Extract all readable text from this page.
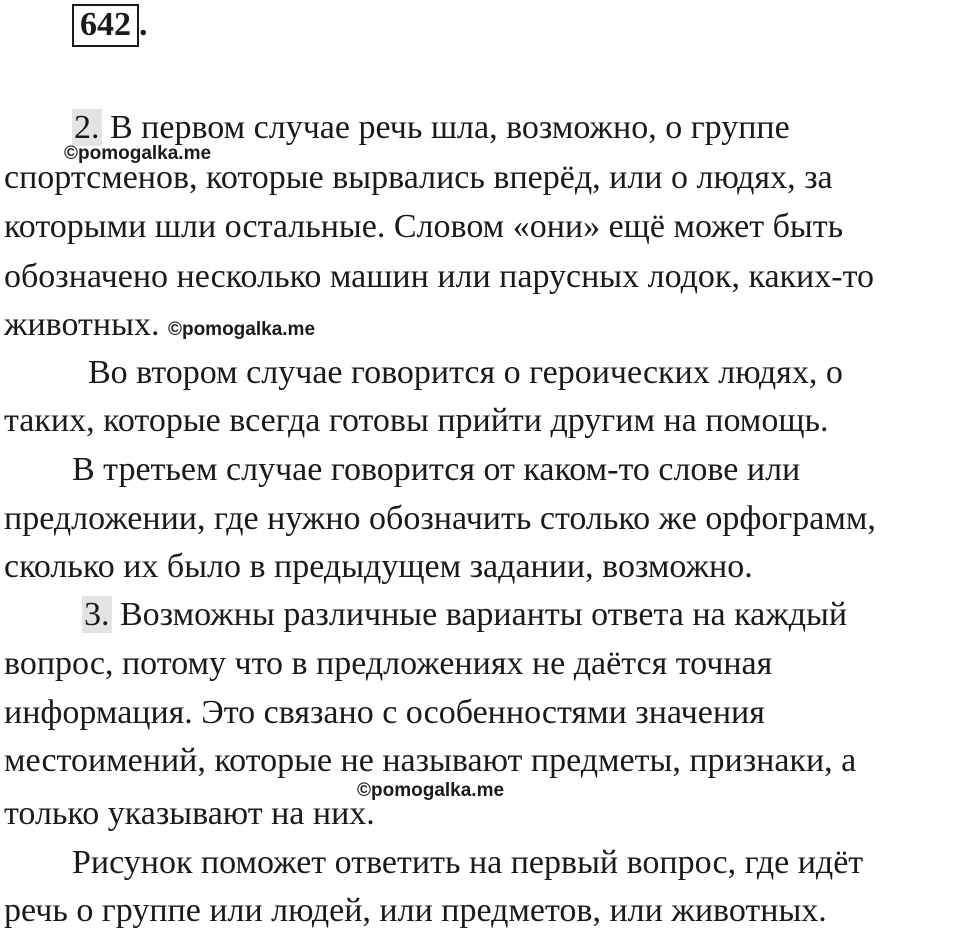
642 .
2. В первом случае речь шла, возможно, о группе
©pomogalka.me
спортсменов, которые вырвались вперёд, или о людях, за
которыми шли остальные. Словом «они» ещё может быть
обозначено несколько машин или парусных лодок, каких-то
животных. ©pomogalka.me
Во втором случае говорится о героических людях, о
таких, которые всегда готовы прийти другим на помощь.
В третьем случае говорится от каком-то слове или
предложении, где нужно обозначить столько же орфограмм,
сколько их было в предыдущем задании, возможно.
3. Возможны различные варианты ответа на каждый
вопрос, потому что в предложениях не даётся точная
информация. Это связано с особенностями значения
местоимений, которые не называют предметы, признаки, а
©pomogalka.me
только указывают на них.
Рисунок поможет ответить на первый вопрос, где идёт
речь о группе или людей, или предметов, или животных.
